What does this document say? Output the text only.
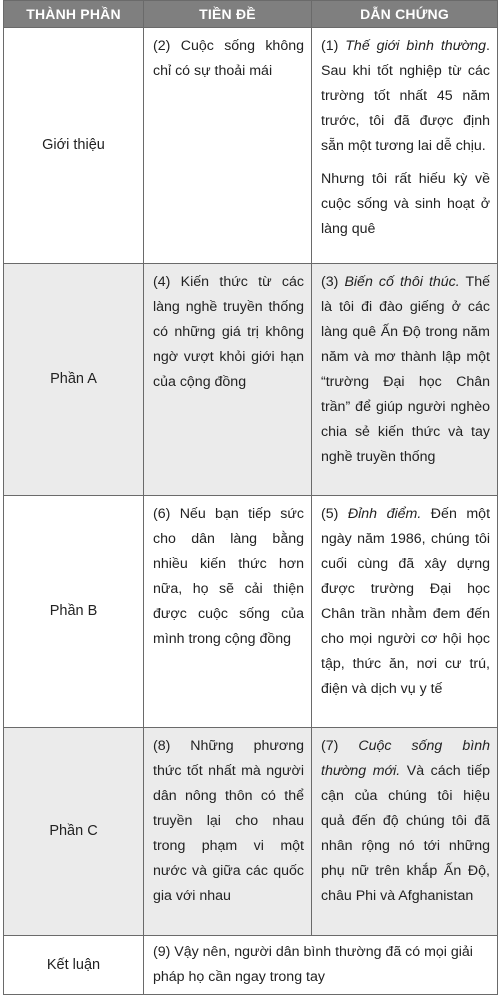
THÀNH PHẦN	TIỀN ĐỀ	DẪN CHỨNG
Giới thiệu	(2) Cuộc sống không chỉ có sự thoải mái	(1) Thế giới bình thường. Sau khi tốt nghiệp từ các trường tốt nhất 45 năm trước, tôi đã được định sẵn một tương lai dễ chịu.
Nhưng tôi rất hiếu kỳ về cuộc sống và sinh hoạt ở làng quê

Phần A	(4) Kiến thức từ các làng nghề truyền thống có những giá trị không ngờ vượt khỏi giới hạn của cộng đồng	(3) Biến cố thôi thúc. Thế là tôi đi đào giếng ở các làng quê Ấn Độ trong năm năm và mơ thành lập một “trường Đại học Chân trần” để giúp người nghèo chia sẻ kiến thức và tay nghề truyền thống
Phần B	(6) Nếu bạn tiếp sức cho dân làng bằng nhiều kiến thức hơn nữa, họ sẽ cải thiện được cuộc sống của mình trong cộng đồng	(5) Đỉnh điểm. Đến một ngày năm 1986, chúng tôi cuối cùng đã xây dựng được trường Đại học Chân trần nhằm đem đến cho mọi người cơ hội học tập, thức ăn, nơi cư trú, điện và dịch vụ y tế
Phần C	(8) Những phương thức tốt nhất mà người dân nông thôn có thể truyền lại cho nhau trong phạm vi một nước và giữa các quốc gia với nhau	(7) Cuộc sống bình thường mới. Và cách tiếp cận của chúng tôi hiệu quả đến độ chúng tôi đã nhân rộng nó tới những phụ nữ trên khắp Ấn Độ, châu Phi và Afghanistan
Kết luận	(9) Vậy nên, người dân bình thường đã có mọi giải pháp họ cần ngay trong tay	
